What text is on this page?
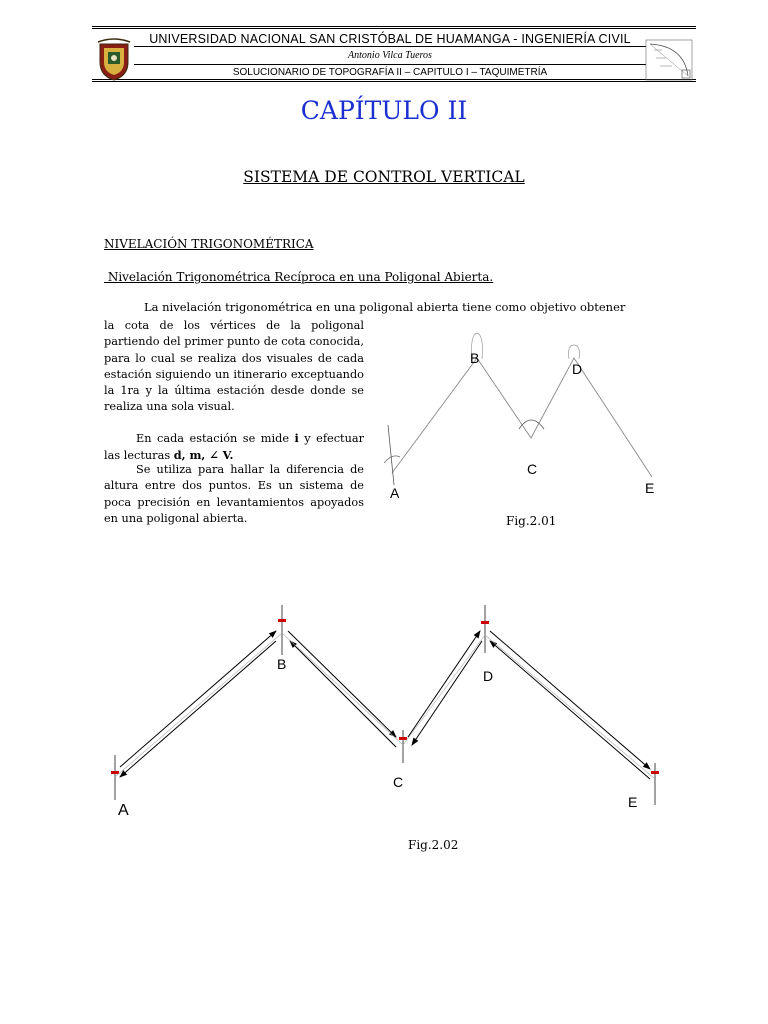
UNIVERSIDAD NACIONAL SAN CRISTÓBAL DE HUAMANGA - INGENIERÍA CIVIL
Antonio Vilca Tueros
SOLUCIONARIO DE TOPOGRAFÍA II – CAPITULO I – TAQUIMETRÍA
CAPÍTULO II
SISTEMA DE CONTROL VERTICAL
NIVELACIÓN TRIGONOMÉTRICA
Nivelación Trigonométrica Recíproca en una Poligonal Abierta.
La nivelación trigonométrica en una poligonal abierta tiene como objetivo obtener

la cota de los vértices de la poligonal partiendo del primer punto de cota conocida, para lo cual se realiza dos visuales de cada estación siguiendo un itinerario exceptuando la 1ra y la última estación desde donde se realiza una sola visual.

En cada estación se mide i y efectuar las lecturas d, m, ∠ V.

Se utiliza para hallar la diferencia de altura entre dos puntos. Es un sistema de poca precisión en levantamientos apoyados en una poligonal abierta.

B
D
C
A	E
Fig.2.01
B
D
C
A	E
Fig.2.02
